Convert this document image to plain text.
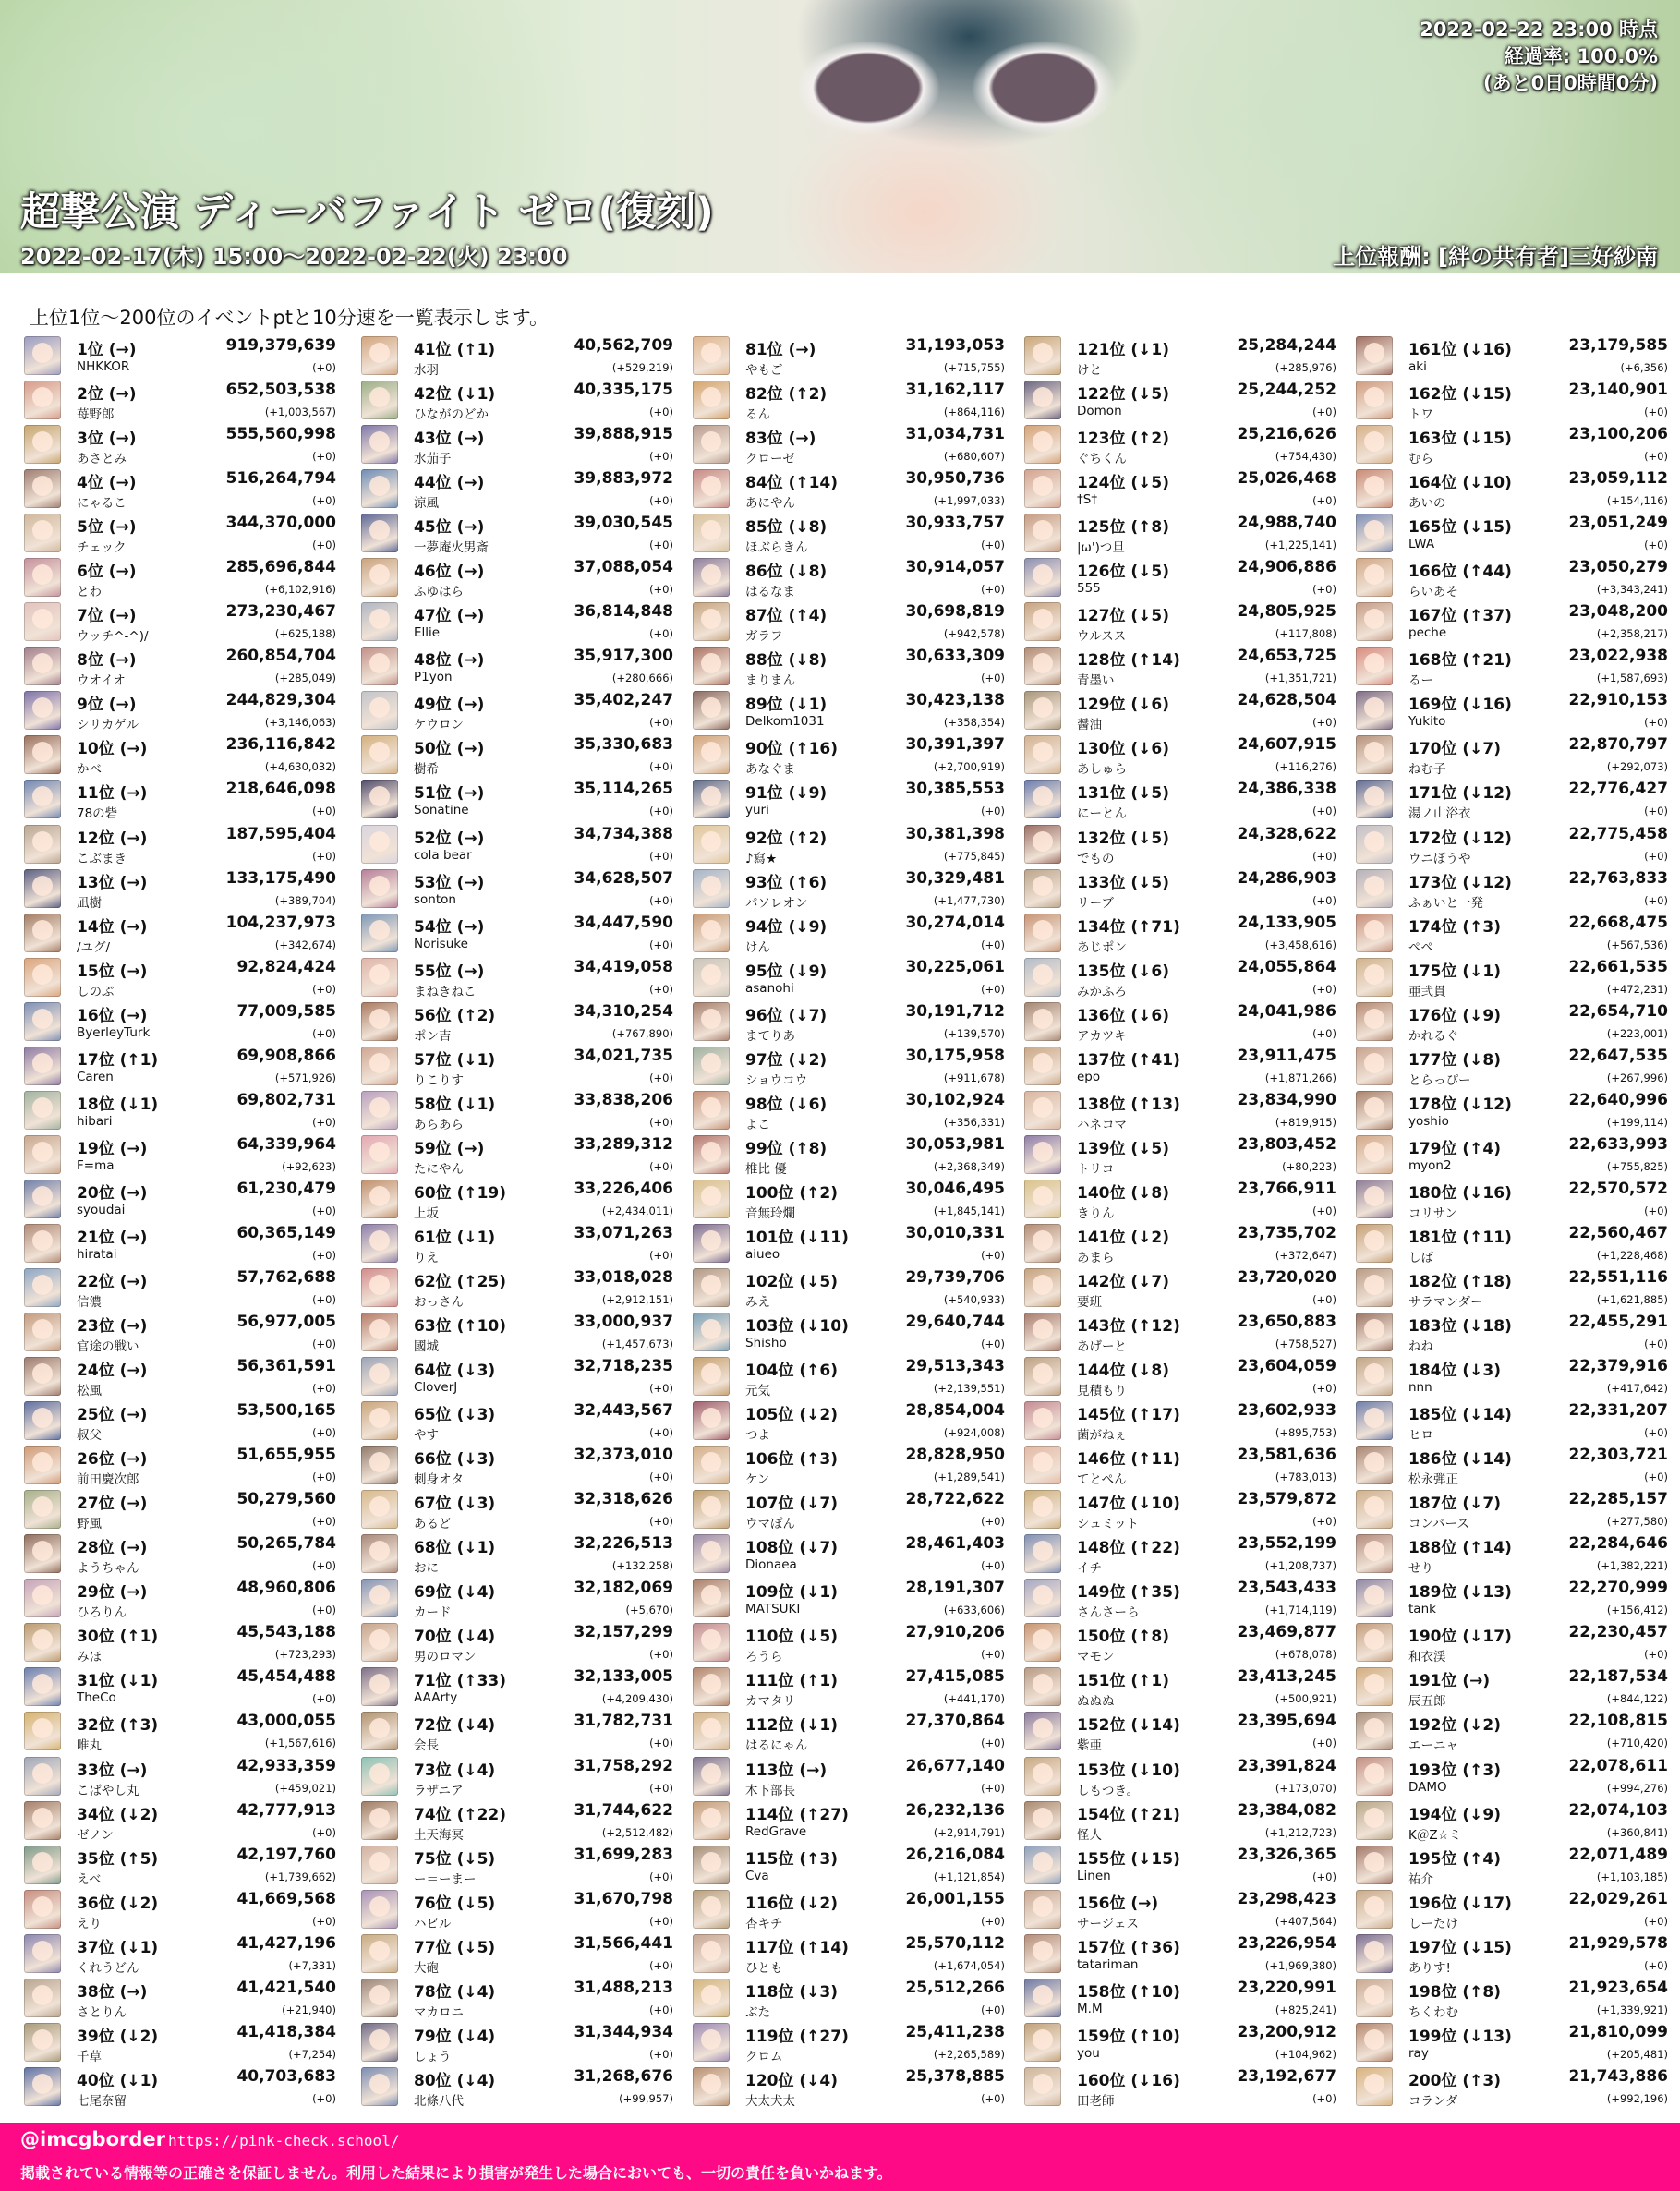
2022-02-22 23:00 時点
経過率: 100.0%
(あと0日0時間0分)
超撃公演 ディーバファイト ゼロ(復刻)
2022-02-17(木) 15:00～2022-02-22(火) 23:00	上位報酬: [絆の共有者]三好紗南
上位1位～200位のイベントptと10分速を一覧表示します。
1位 (→)
NHKKOR
919,379,639
(+0)
2位 (→)
苺野郎
652,503,538
(+1,003,567)
3位 (→)
あさとみ
555,560,998
(+0)
4位 (→)
にゃるこ
516,264,794
(+0)
5位 (→)
チェック
344,370,000
(+0)
6位 (→)
とわ
285,696,844
(+6,102,916)
7位 (→)
ウッチ^-^)/
273,230,467
(+625,188)
8位 (→)
ウオイオ
260,854,704
(+285,049)
9位 (→)
シリカゲル
244,829,304
(+3,146,063)
10位 (→)
かべ
236,116,842
(+4,630,032)
11位 (→)
78の砦
218,646,098
(+0)
12位 (→)
こぶまき
187,595,404
(+0)
13位 (→)
凪樹
133,175,490
(+389,704)
14位 (→)
/ユグ/
104,237,973
(+342,674)
15位 (→)
しのぶ
92,824,424
(+0)
16位 (→)
ByerleyTurk
77,009,585
(+0)
17位 (↑1)
Caren
69,908,866
(+571,926)
18位 (↓1)
hibari
69,802,731
(+0)
19位 (→)
F=ma
64,339,964
(+92,623)
20位 (→)
syoudai
61,230,479
(+0)
21位 (→)
hiratai
60,365,149
(+0)
22位 (→)
信濃
57,762,688
(+0)
23位 (→)
官途の戦い
56,977,005
(+0)
24位 (→)
松風
56,361,591
(+0)
25位 (→)
叔父
53,500,165
(+0)
26位 (→)
前田慶次郎
51,655,955
(+0)
27位 (→)
野風
50,279,560
(+0)
28位 (→)
ようちゃん
50,265,784
(+0)
29位 (→)
ひろりん
48,960,806
(+0)
30位 (↑1)
みほ
45,543,188
(+723,293)
31位 (↓1)
TheCo
45,454,488
(+0)
32位 (↑3)
唯丸
43,000,055
(+1,567,616)
33位 (→)
こばやし丸
42,933,359
(+459,021)
34位 (↓2)
ゼノン
42,777,913
(+0)
35位 (↑5)
えべ
42,197,760
(+1,739,662)
36位 (↓2)
えり
41,669,568
(+0)
37位 (↓1)
くれうどん
41,427,196
(+7,331)
38位 (→)
さとりん
41,421,540
(+21,940)
39位 (↓2)
千草
41,418,384
(+7,254)
40位 (↓1)
七尾奈留
40,703,683
(+0)
41位 (↑1)
水羽
40,562,709
(+529,219)
42位 (↓1)
ひながのどか
40,335,175
(+0)
43位 (→)
水茄子
39,888,915
(+0)
44位 (→)
涼風
39,883,972
(+0)
45位 (→)
一夢庵火男斎
39,030,545
(+0)
46位 (→)
ふゆはら
37,088,054
(+0)
47位 (→)
Ellie
36,814,848
(+0)
48位 (→)
P1yon
35,917,300
(+280,666)
49位 (→)
ケウロン
35,402,247
(+0)
50位 (→)
樹希
35,330,683
(+0)
51位 (→)
Sonatine
35,114,265
(+0)
52位 (→)
cola bear
34,734,388
(+0)
53位 (→)
sonton
34,628,507
(+0)
54位 (→)
Norisuke
34,447,590
(+0)
55位 (→)
まねきねこ
34,419,058
(+0)
56位 (↑2)
ポン吉
34,310,254
(+767,890)
57位 (↓1)
りこりす
34,021,735
(+0)
58位 (↓1)
あらあら
33,838,206
(+0)
59位 (→)
たにやん
33,289,312
(+0)
60位 (↑19)
上坂
33,226,406
(+2,434,011)
61位 (↓1)
りえ
33,071,263
(+0)
62位 (↑25)
おっさん
33,018,028
(+2,912,151)
63位 (↑10)
國城
33,000,937
(+1,457,673)
64位 (↓3)
CloverJ
32,718,235
(+0)
65位 (↓3)
やす
32,443,567
(+0)
66位 (↓3)
刺身オタ
32,373,010
(+0)
67位 (↓3)
あるど
32,318,626
(+0)
68位 (↓1)
おに
32,226,513
(+132,258)
69位 (↓4)
カード
32,182,069
(+5,670)
70位 (↓4)
男のロマン
32,157,299
(+0)
71位 (↑33)
AAArty
32,133,005
(+4,209,430)
72位 (↓4)
会長
31,782,731
(+0)
73位 (↓4)
ラザニア
31,758,292
(+0)
74位 (↑22)
土天海冥
31,744,622
(+2,512,482)
75位 (↓5)
ー＝ーまー
31,699,283
(+0)
76位 (↓5)
ハビル
31,670,798
(+0)
77位 (↓5)
大砲
31,566,441
(+0)
78位 (↓4)
マカロニ
31,488,213
(+0)
79位 (↓4)
しょう
31,344,934
(+0)
80位 (↓4)
北條八代
31,268,676
(+99,957)
81位 (→)
やもご
31,193,053
(+715,755)
82位 (↑2)
るん
31,162,117
(+864,116)
83位 (→)
クローゼ
31,034,731
(+680,607)
84位 (↑14)
あにやん
30,950,736
(+1,997,033)
85位 (↓8)
ほぶらきん
30,933,757
(+0)
86位 (↓8)
はるなま
30,914,057
(+0)
87位 (↑4)
ガラフ
30,698,819
(+942,578)
88位 (↓8)
まりまん
30,633,309
(+0)
89位 (↓1)
Delkom1031
30,423,138
(+358,354)
90位 (↑16)
あなぐま
30,391,397
(+2,700,919)
91位 (↓9)
yuri
30,385,553
(+0)
92位 (↑2)
♪寫★
30,381,398
(+775,845)
93位 (↑6)
パソレオン
30,329,481
(+1,477,730)
94位 (↓9)
けん
30,274,014
(+0)
95位 (↓9)
asanohi
30,225,061
(+0)
96位 (↓7)
まてりあ
30,191,712
(+139,570)
97位 (↓2)
ショウコウ
30,175,958
(+911,678)
98位 (↓6)
よこ
30,102,924
(+356,331)
99位 (↑8)
椎比 優
30,053,981
(+2,368,349)
100位 (↑2)
音無玲爛
30,046,495
(+1,845,141)
101位 (↓11)
aiueo
30,010,331
(+0)
102位 (↓5)
みえ
29,739,706
(+540,933)
103位 (↓10)
Shisho
29,640,744
(+0)
104位 (↑6)
元気
29,513,343
(+2,139,551)
105位 (↓2)
つよ
28,854,004
(+924,008)
106位 (↑3)
ケン
28,828,950
(+1,289,541)
107位 (↓7)
ウマぽん
28,722,622
(+0)
108位 (↓7)
Dionaea
28,461,403
(+0)
109位 (↓1)
MATSUKI
28,191,307
(+633,606)
110位 (↓5)
ろうら
27,910,206
(+0)
111位 (↑1)
カマタリ
27,415,085
(+441,170)
112位 (↓1)
はるにゃん
27,370,864
(+0)
113位 (→)
木下部長
26,677,140
(+0)
114位 (↑27)
RedGrave
26,232,136
(+2,914,791)
115位 (↑3)
Cva
26,216,084
(+1,121,854)
116位 (↓2)
杏キチ
26,001,155
(+0)
117位 (↑14)
ひとも
25,570,112
(+1,674,054)
118位 (↓3)
ぶた
25,512,266
(+0)
119位 (↑27)
クロム
25,411,238
(+2,265,589)
120位 (↓4)
大太犬太
25,378,885
(+0)
121位 (↓1)
けと
25,284,244
(+285,976)
122位 (↓5)
Domon
25,244,252
(+0)
123位 (↑2)
ぐちくん
25,216,626
(+754,430)
124位 (↓5)
†S†
25,026,468
(+0)
125位 (↑8)
|ω')つ旦
24,988,740
(+1,225,141)
126位 (↓5)
555
24,906,886
(+0)
127位 (↓5)
ウルスス
24,805,925
(+117,808)
128位 (↑14)
青墨い
24,653,725
(+1,351,721)
129位 (↓6)
醤油
24,628,504
(+0)
130位 (↓6)
あしゅら
24,607,915
(+116,276)
131位 (↓5)
にーとん
24,386,338
(+0)
132位 (↓5)
でもの
24,328,622
(+0)
133位 (↓5)
リーブ
24,286,903
(+0)
134位 (↑71)
あじポン
24,133,905
(+3,458,616)
135位 (↓6)
みかふろ
24,055,864
(+0)
136位 (↓6)
アカツキ
24,041,986
(+0)
137位 (↑41)
epo
23,911,475
(+1,871,266)
138位 (↑13)
ハネコマ
23,834,990
(+819,915)
139位 (↓5)
トリコ
23,803,452
(+80,223)
140位 (↓8)
きりん
23,766,911
(+0)
141位 (↓2)
あまら
23,735,702
(+372,647)
142位 (↓7)
要班
23,720,020
(+0)
143位 (↑12)
あげーと
23,650,883
(+758,527)
144位 (↓8)
見積もり
23,604,059
(+0)
145位 (↑17)
菌がねぇ
23,602,933
(+895,753)
146位 (↑11)
てとぺん
23,581,636
(+783,013)
147位 (↓10)
シュミット
23,579,872
(+0)
148位 (↑22)
イチ
23,552,199
(+1,208,737)
149位 (↑35)
さんさーら
23,543,433
(+1,714,119)
150位 (↑8)
マモン
23,469,877
(+678,078)
151位 (↑1)
ぬぬぬ
23,413,245
(+500,921)
152位 (↓14)
紫亜
23,395,694
(+0)
153位 (↓10)
しもつき。
23,391,824
(+173,070)
154位 (↑21)
怪人
23,384,082
(+1,212,723)
155位 (↓15)
Linen
23,326,365
(+0)
156位 (→)
サージェス
23,298,423
(+407,564)
157位 (↑36)
tatariman
23,226,954
(+1,969,380)
158位 (↑10)
M.M
23,220,991
(+825,241)
159位 (↑10)
you
23,200,912
(+104,962)
160位 (↓16)
田老師
23,192,677
(+0)
161位 (↓16)
aki
23,179,585
(+6,356)
162位 (↓15)
トワ
23,140,901
(+0)
163位 (↓15)
むら
23,100,206
(+0)
164位 (↓10)
あいの
23,059,112
(+154,116)
165位 (↓15)
LWA
23,051,249
(+0)
166位 (↑44)
らいあそ
23,050,279
(+3,343,241)
167位 (↑37)
peche
23,048,200
(+2,358,217)
168位 (↑21)
るー
23,022,938
(+1,587,693)
169位 (↓16)
Yukito
22,910,153
(+0)
170位 (↓7)
ねむ子
22,870,797
(+292,073)
171位 (↓12)
湯ノ山浴衣
22,776,427
(+0)
172位 (↓12)
ウニぼうや
22,775,458
(+0)
173位 (↓12)
ふぁいと一発
22,763,833
(+0)
174位 (↑3)
ぺぺ
22,668,475
(+567,536)
175位 (↓1)
亜弐貫
22,661,535
(+472,231)
176位 (↓9)
かれるぐ
22,654,710
(+223,001)
177位 (↓8)
とらっぴー
22,647,535
(+267,996)
178位 (↓12)
yoshio
22,640,996
(+199,114)
179位 (↑4)
myon2
22,633,993
(+755,825)
180位 (↓16)
コリサン
22,570,572
(+0)
181位 (↑11)
しば
22,560,467
(+1,228,468)
182位 (↑18)
サラマンダー
22,551,116
(+1,621,885)
183位 (↓18)
ねね
22,455,291
(+0)
184位 (↓3)
nnn
22,379,916
(+417,642)
185位 (↓14)
ヒロ
22,331,207
(+0)
186位 (↓14)
松永弾正
22,303,721
(+0)
187位 (↓7)
コンバース
22,285,157
(+277,580)
188位 (↑14)
せり
22,284,646
(+1,382,221)
189位 (↓13)
tank
22,270,999
(+156,412)
190位 (↓17)
和衣渓
22,230,457
(+0)
191位 (→)
辰五郎
22,187,534
(+844,122)
192位 (↓2)
エーニャ
22,108,815
(+710,420)
193位 (↑3)
DAMO
22,078,611
(+994,276)
194位 (↓9)
K＠Z☆ミ
22,074,103
(+360,841)
195位 (↑4)
祐介
22,071,489
(+1,103,185)
196位 (↓17)
しーたけ
22,029,261
(+0)
197位 (↓15)
ありす!
21,929,578
(+0)
198位 (↑8)
ちくわむ
21,923,654
(+1,339,921)
199位 (↓13)
ray
21,810,099
(+205,481)
200位 (↑3)
コランダ
21,743,886
(+992,196)
@imcgborder https://pink-check.school/
掲載されている情報等の正確さを保証しません。利用した結果により損害が発生した場合においても、一切の責任を負いかねます。
